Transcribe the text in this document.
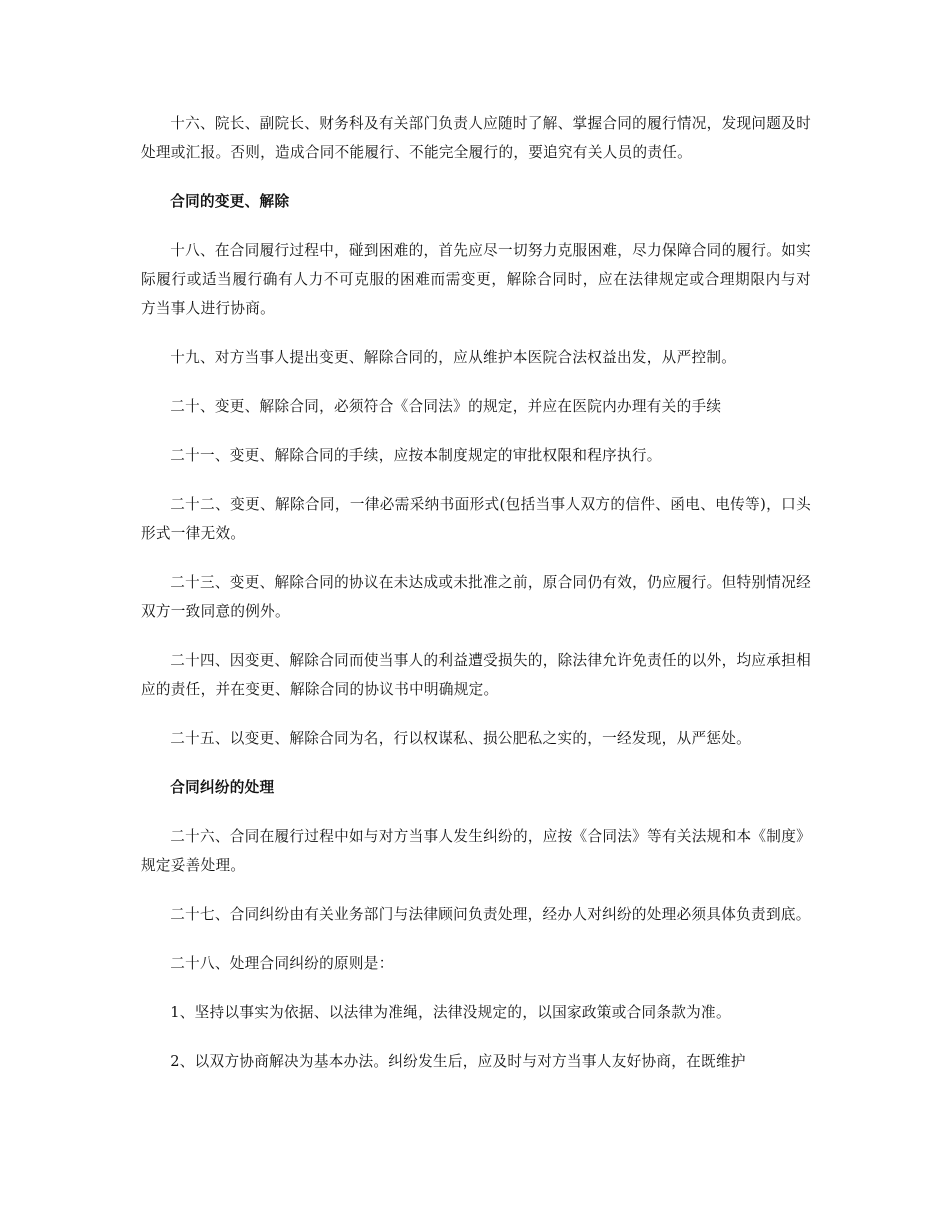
十六、院长、副院长、财务科及有关部门负责人应随时了解、掌握合同的履行情况，发现问题及时处理或汇报。否则，造成合同不能履行、不能完全履行的，要追究有关人员的责任。

合同的变更、解除

十八、在合同履行过程中，碰到困难的，首先应尽一切努力克服困难，尽力保障合同的履行。如实际履行或适当履行确有人力不可克服的困难而需变更，解除合同时，应在法律规定或合理期限内与对方当事人进行协商。

十九、对方当事人提出变更、解除合同的，应从维护本医院合法权益出发，从严控制。

二十、变更、解除合同，必须符合《合同法》的规定，并应在医院内办理有关的手续

二十一、变更、解除合同的手续，应按本制度规定的审批权限和程序执行。

二十二、变更、解除合同，一律必需采纳书面形式(包括当事人双方的信件、函电、电传等)，口头形式一律无效。

二十三、变更、解除合同的协议在未达成或未批准之前，原合同仍有效，仍应履行。但特别情况经双方一致同意的例外。

二十四、因变更、解除合同而使当事人的利益遭受损失的，除法律允许免责任的以外，均应承担相应的责任，并在变更、解除合同的协议书中明确规定。

二十五、以变更、解除合同为名，行以权谋私、损公肥私之实的，一经发现，从严惩处。

合同纠纷的处理

二十六、合同在履行过程中如与对方当事人发生纠纷的，应按《合同法》等有关法规和本《制度》规定妥善处理。

二十七、合同纠纷由有关业务部门与法律顾问负责处理，经办人对纠纷的处理必须具体负责到底。

二十八、处理合同纠纷的原则是：

1、坚持以事实为依据、以法律为准绳，法律没规定的，以国家政策或合同条款为准。

2、以双方协商解决为基本办法。纠纷发生后，应及时与对方当事人友好协商，在既维护
